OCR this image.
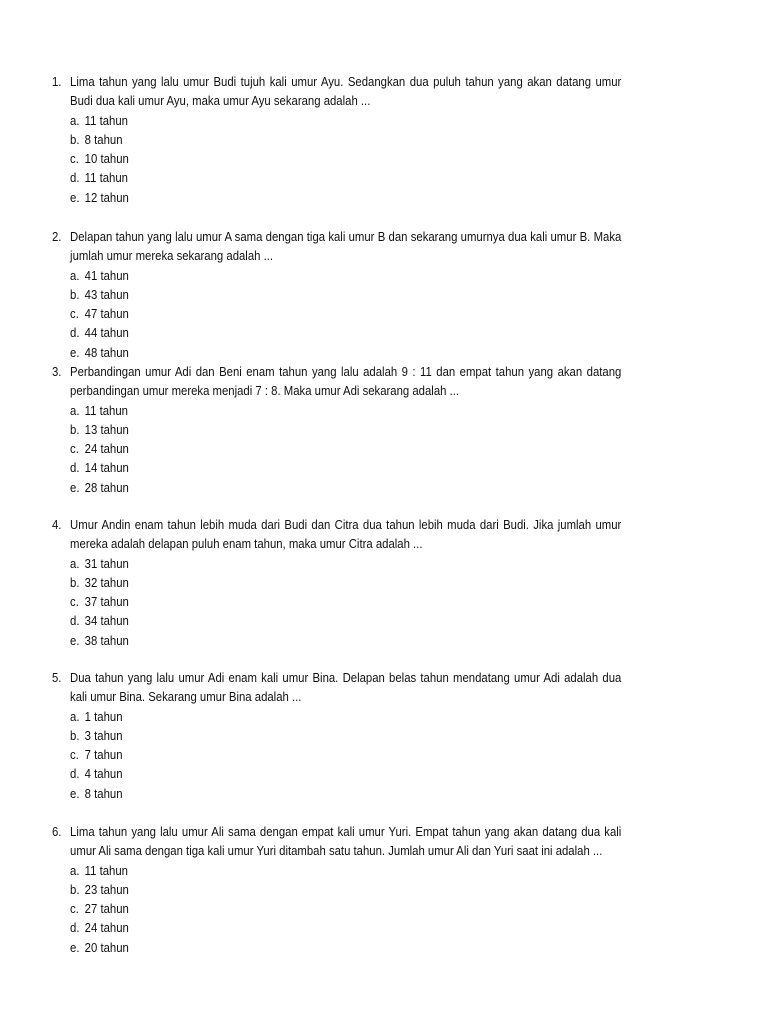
1. Lima tahun yang lalu umur Budi tujuh kali umur Ayu. Sedangkan dua puluh tahun yang akan datang umur Budi dua kali umur Ayu, maka umur Ayu sekarang adalah ...
a. 11 tahun
b. 8 tahun
c. 10 tahun
d. 11 tahun
e. 12 tahun
2. Delapan tahun yang lalu umur A sama dengan tiga kali umur B dan sekarang umurnya dua kali umur B. Maka jumlah umur mereka sekarang adalah ...
a. 41 tahun
b. 43 tahun
c. 47 tahun
d. 44 tahun
e. 48 tahun
3. Perbandingan umur Adi dan Beni enam tahun yang lalu adalah 9 : 11 dan empat tahun yang akan datang perbandingan umur mereka menjadi 7 : 8. Maka umur Adi sekarang adalah ...
a. 11 tahun
b. 13 tahun
c. 24 tahun
d. 14 tahun
e. 28 tahun
4. Umur Andin enam tahun lebih muda dari Budi dan Citra dua tahun lebih muda dari Budi. Jika jumlah umur mereka adalah delapan puluh enam tahun, maka umur Citra adalah ...
a. 31 tahun
b. 32 tahun
c. 37 tahun
d. 34 tahun
e. 38 tahun
5. Dua tahun yang lalu umur Adi enam kali umur Bina. Delapan belas tahun mendatang umur Adi adalah dua kali umur Bina. Sekarang umur Bina adalah ...
a. 1 tahun
b. 3 tahun
c. 7 tahun
d. 4 tahun
e. 8 tahun
6. Lima tahun yang lalu umur Ali sama dengan empat kali umur Yuri. Empat tahun yang akan datang dua kali umur Ali sama dengan tiga kali umur Yuri ditambah satu tahun. Jumlah umur Ali dan Yuri saat ini adalah ...
a. 11 tahun
b. 23 tahun
c. 27 tahun
d. 24 tahun
e. 20 tahun
